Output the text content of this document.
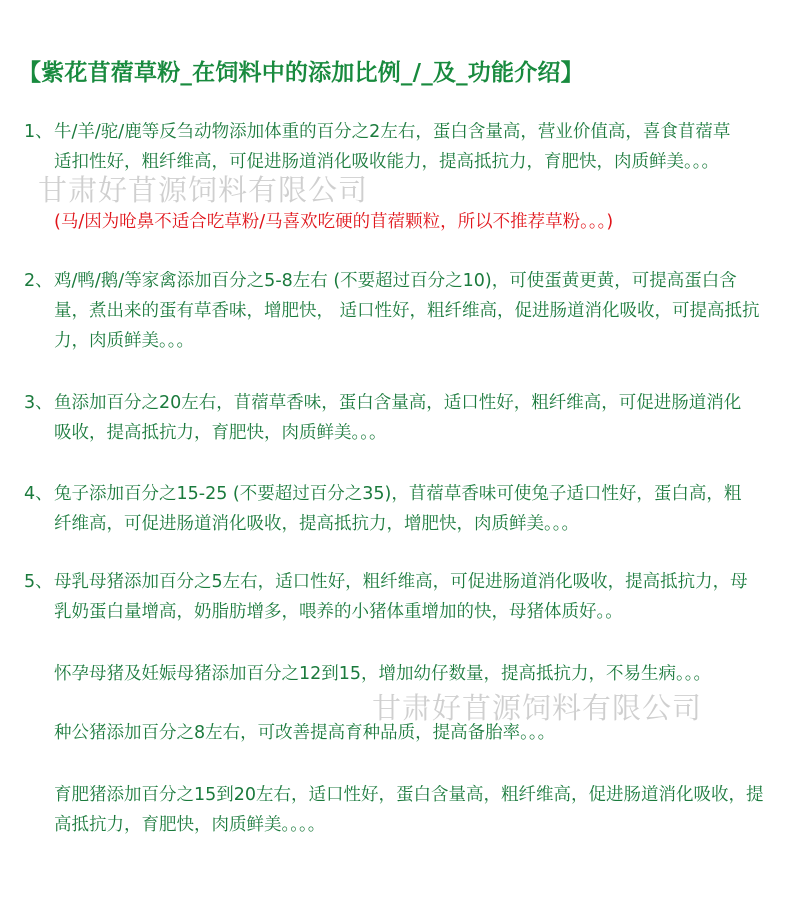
【紫花苜蓿草粉_在饲料中的添加比例_/_及_功能介绍】
甘肃好苜源饲料有限公司
甘肃好苜源饲料有限公司
1、牛/羊/驼/鹿等反刍动物添加体重的百分之2左右，蛋白含量高，营业价值高，喜食苜蓿草
适扣性好，粗纤维高，可促进肠道消化吸收能力，提高抵抗力，育肥快，肉质鲜美。。。
(马/因为呛鼻不适合吃草粉/马喜欢吃硬的苜蓿颗粒，所以不推荐草粉。。。)
2、鸡/鸭/鹅/等家禽添加百分之5-8左右 (不要超过百分之10)，可使蛋黄更黄，可提高蛋白含
量，煮出来的蛋有草香味，增肥快， 适口性好，粗纤维高，促进肠道消化吸收，可提高抵抗力，肉质鲜美。。。
3、鱼添加百分之20左右，苜蓿草香味，蛋白含量高，适口性好，粗纤维高，可促进肠道消化
吸收，提高抵抗力，育肥快，肉质鲜美。。。
4、兔子添加百分之15-25 (不要超过百分之35)，苜蓿草香味可使兔子适口性好，蛋白高，粗
纤维高，可促进肠道消化吸收，提高抵抗力，增肥快，肉质鲜美。。。
5、母乳母猪添加百分之5左右，适口性好，粗纤维高，可促进肠道消化吸收，提高抵抗力，母
乳奶蛋白量增高，奶脂肪增多，喂养的小猪体重增加的快，母猪体质好。。
怀孕母猪及妊娠母猪添加百分之12到15，增加幼仔数量，提高抵抗力，不易生病。。。
种公猪添加百分之8左右，可改善提高育种品质，提高备胎率。。。
育肥猪添加百分之15到20左右，适口性好，蛋白含量高，粗纤维高，促进肠道消化吸收，提高抵抗力，育肥快，肉质鲜美。。。。
